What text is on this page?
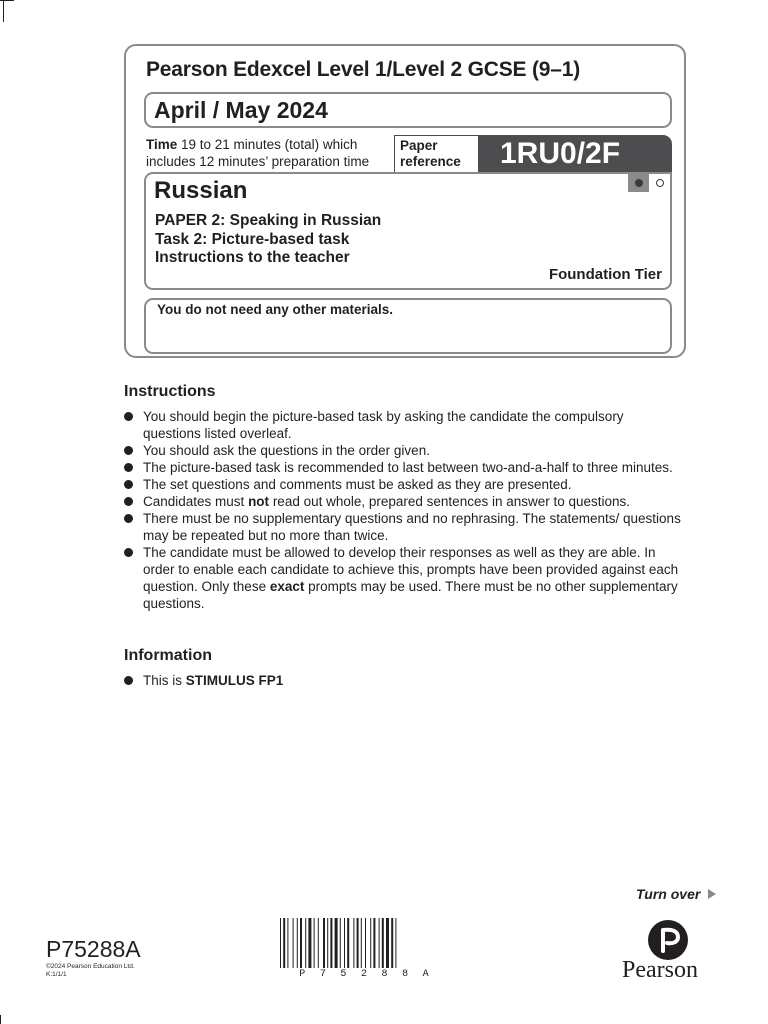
Pearson Edexcel Level 1/Level 2 GCSE (9–1)
April / May 2024
Time 19 to 21 minutes (total) which
includes 12 minutes’ preparation time
Paper
reference	1RU0/2F
Russian
PAPER 2: Speaking in Russian
Task 2: Picture-based task
Instructions to the teacher
Foundation Tier
You do not need any other materials.
Instructions
You should begin the picture-based task by asking the candidate the compulsory questions listed overleaf.
You should ask the questions in the order given.
The picture-based task is recommended to last between two-and-a-half to three minutes.
The set questions and comments must be asked as they are presented.
Candidates must not read out whole, prepared sentences in answer to questions.
There must be no supplementary questions and no rephrasing. The statements/ questions may be repeated but no more than twice.
The candidate must be allowed to develop their responses as well as they are able. In order to enable each candidate to achieve this, prompts have been provided against each question. Only these exact prompts may be used. There must be no other supplementary questions.
Information
This is STIMULUS FP1
Turn over
P75288A
©2024 Pearson Education Ltd.
K:1/1/1	P 7 5 2 8 8 A	Pearson
